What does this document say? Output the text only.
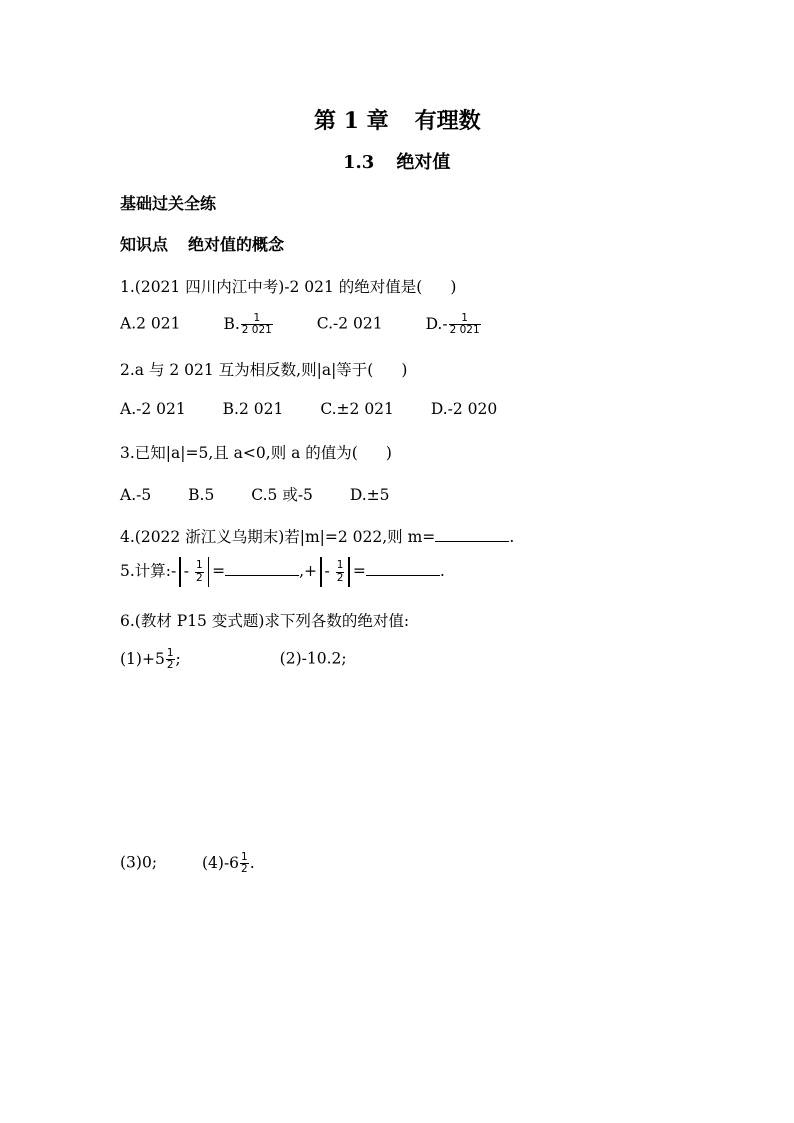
第 1 章 有理数
1.3 绝对值
基础过关全练
知识点 绝对值的概念
1.(2021 四川内江中考)-2 021 的绝对值是( )
A.2 021	B. $\frac{1}{2 021}$	C.-2 021	$D.- \frac{1}{2 021}$
2.a 与 2 021 互为相反数,则|a|等于( )
A.-2 021 B.2 021 C.±2 021 D.-2 020
3.已知|a|=5,且 a<0,则 a 的值为( )
A.-5 B.5 C.5 或-5 D.±5
4.(2022 浙江义乌期末)若|m|=2 022,则 m=	.
5.计算:- - $\frac{1}{2}$ =	,+ - $\frac{1}{2}$ =	.
6.(教材 P15 变式题)求下列各数的绝对值:
$(1)+5 \frac{1}{2}$ ;	(2)-10.2;
(3)0;	$(4)-6 \frac{1}{2}$ .
